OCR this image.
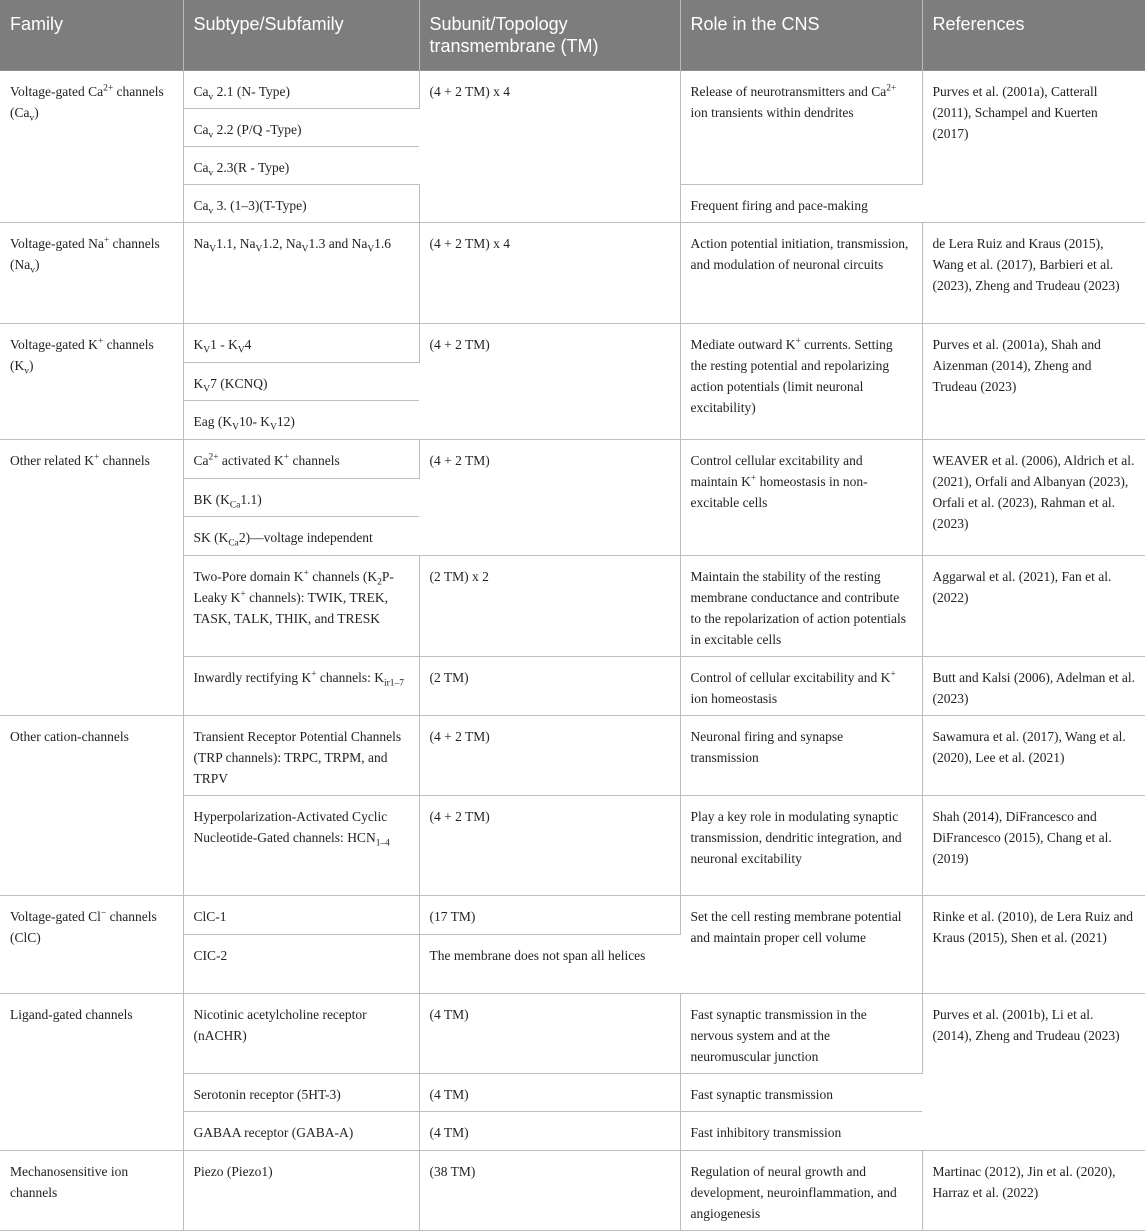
Family	Subtype/Subfamily	Subunit/Topology transmembrane (TM)	Role in the CNS	References
Voltage-gated $Ca^{2+}$ channels $(Ca_v)$	$Ca_v$ 2.1 (N- Type)	(4 + 2 TM) x 4	Release of neurotransmitters and $Ca^{2+}$ ion transients within dendrites	Purves et al. (2001a), Catterall (2011), Schampel and Kuerten (2017)
	$Ca_v$ 2.2 (P/Q -Type)			
	$Ca_v$ 2.3(R - Type)			
	$Ca_v$ 3. (1–3)(T-Type)		Frequent firing and pace-making	
Voltage-gated Na+ channels $(Na_v)$	$Na_V1.1$, $Na_V1.2$, $Na_V1.3$ and $Na_V1.6$	(4 + 2 TM) x 4	Action potential initiation, transmission, and modulation of neuronal circuits	de Lera Ruiz and Kraus (2015), Wang et al. (2017), Barbieri et al. (2023), Zheng and Trudeau (2023)
Voltage-gated K+ channels $(K_v)$	$K_V1 - K_V4$	(4 + 2 TM)	Mediate outward K+ currents. Setting the resting potential and repolarizing action potentials (limit neuronal excitability)	Purves et al. (2001a), Shah and Aizenman (2014), Zheng and Trudeau (2023)
	$K_V7$ (KCNQ)			
	Eag ($K_V10-$ $K_V12$)			
Other related K+ channels	$Ca^{2+}$ activated K+ channels	(4 + 2 TM)	Control cellular excitability and maintain K+ homeostasis in non-excitable cells	WEAVER et al. (2006), Aldrich et al. (2021), Orfali and Albanyan (2023), Orfali et al. (2023), Rahman et al. (2023)
	BK $(K_{Ca}1.1)$			
	SK $(K_{Ca}2)—voltage$ independent			
	Two-Pore domain K+ channels ($K_2P-$ Leaky K+ channels): TWIK, TREK, TASK, TALK, THIK, and TRESK	(2 TM) x 2	Maintain the stability of the resting membrane conductance and contribute to the repolarization of action potentials in excitable cells	Aggarwal et al. (2021), Fan et al. (2022)
	Inwardly rectifying K+ channels: $K_{ir1-7}$	(2 TM)	Control of cellular excitability and K+ ion homeostasis	Butt and Kalsi (2006), Adelman et al. (2023)
Other cation-channels	Transient Receptor Potential Channels (TRP channels): TRPC, TRPM, and TRPV	(4 + 2 TM)	Neuronal firing and synapse transmission	Sawamura et al. (2017), Wang et al. (2020), Lee et al. (2021)
	Hyperpolarization-Activated Cyclic Nucleotide-Gated channels: $HCN_{1-4}$	(4 + 2 TM)	Play a key role in modulating synaptic transmission, dendritic integration, and neuronal excitability	Shah (2014), DiFrancesco and DiFrancesco (2015), Chang et al. (2019)
Voltage-gated Cl− channels (ClC)	ClC-1	(17 TM)	Set the cell resting membrane potential and maintain proper cell volume	Rinke et al. (2010), de Lera Ruiz and Kraus (2015), Shen et al. (2021)
	CIC-2	The membrane does not span all helices		
Ligand-gated channels	Nicotinic acetylcholine receptor (nACHR)	(4 TM)	Fast synaptic transmission in the nervous system and at the neuromuscular junction	Purves et al. (2001b), Li et al. (2014), Zheng and Trudeau (2023)
	Serotonin receptor (5HT-3)	(4 TM)	Fast synaptic transmission	
	GABAA receptor (GABA-A)	(4 TM)	Fast inhibitory transmission	
Mechanosensitive ion channels	Piezo (Piezo1)	(38 TM)	Regulation of neural growth and development, neuroinflammation, and angiogenesis	Martinac (2012), Jin et al. (2020), Harraz et al. (2022)
